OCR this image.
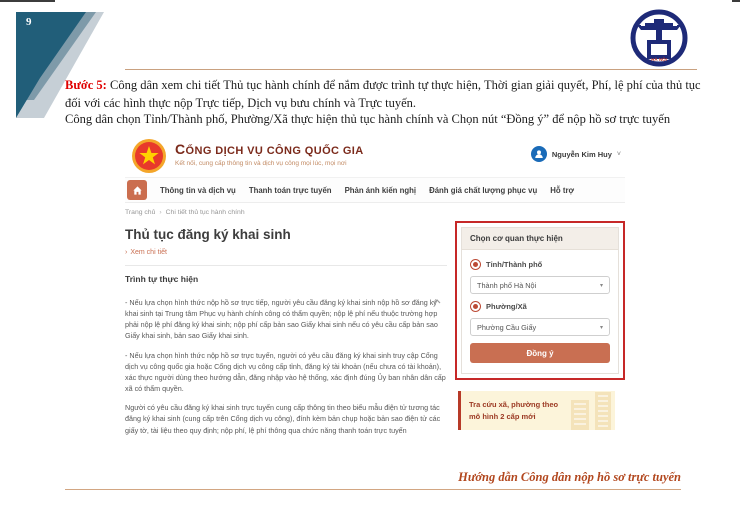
9
HÀ NỘI
Bước 5: Công dân xem chi tiết Thủ tục hành chính để nắm được trình tự thực hiện, Thời gian giải quyết, Phí, lệ phí của thủ tục đối với các hình thực nộp Trực tiếp, Dịch vụ bưu chính và Trực tuyến.
Công dân chọn Tỉnh/Thành phố, Phường/Xã thực hiện thủ tục hành chính và Chọn nút “Đồng ý” để nộp hồ sơ trực tuyến
CỔNG DỊCH VỤ CÔNG QUỐC GIA
Kết nối, cung cấp thông tin và dịch vụ công mọi lúc, mọi nơi
Nguyễn Kim Huy ˅
Thông tin và dịch vụ Thanh toán trực tuyến Phản ánh kiến nghị Đánh giá chất lượng phục vụ Hỗ trợ
Trang chủ › Chi tiết thủ tục hành chính
Thủ tục đăng ký khai sinh
› Xem chi tiết
Trình tự thực hiện

- Nếu lựa chọn hình thức nộp hồ sơ trực tiếp, người yêu cầu đăng ký khai sinh nộp hồ sơ đăng ký khai sinh tại Trung tâm Phục vụ hành chính công có thẩm quyền; nộp lệ phí nếu thuộc trường hợp phải nộp lệ phí đăng ký khai sinh; nộp phí cấp bản sao Giấy khai sinh nếu có yêu cầu cấp bản sao Giấy khai sinh, bản sao Giấy khai sinh.

- Nếu lựa chọn hình thức nộp hồ sơ trực tuyến, người có yêu cầu đăng ký khai sinh truy cập Cổng dịch vụ công quốc gia hoặc Cổng dịch vụ công cấp tỉnh, đăng ký tài khoản (nếu chưa có tài khoản), xác thực người dùng theo hướng dẫn, đăng nhập vào hệ thống, xác định đúng Ủy ban nhân dân cấp xã có thẩm quyền.

Người có yêu cầu đăng ký khai sinh trực tuyến cung cấp thông tin theo biểu mẫu điện tử tương tác đăng ký khai sinh (cung cấp trên Cổng dịch vụ công), đính kèm bản chụp hoặc bản sao điện tử các giấy tờ, tài liệu theo quy định; nộp phí, lệ phí thông qua chức năng thanh toán trực tuyến

Chọn cơ quan thực hiện
Tỉnh/Thành phố
Thành phố Hà Nội	▾
Phường/Xã
Phường Cầu Giấy	▾
Đồng ý
Tra cứu xã, phường theo mô hình 2 cấp mới
Hướng dẫn Công dân nộp hồ sơ trực tuyến
